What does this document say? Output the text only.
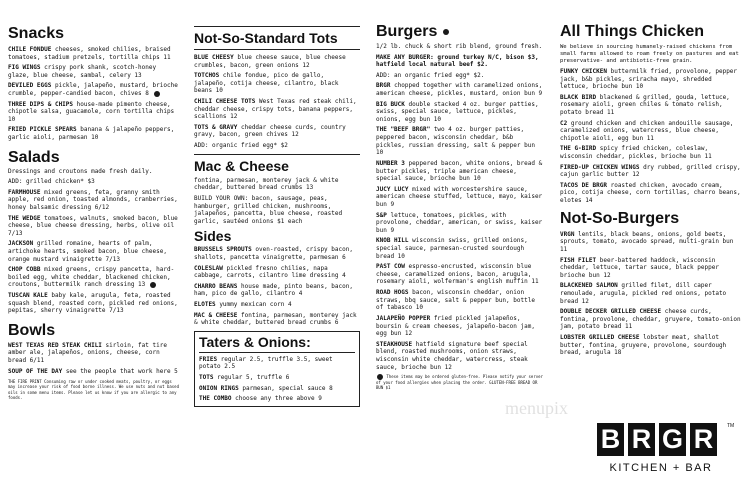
Snacks

CHILE FONDUE cheeses, smoked chilies, braised tomatoes, stadium pretzels, tortilla chips 11

FIG WINGS crispy pork shank, scotch-honey glaze, blue cheese, sambal, celery 13

DEVILED EGGS pickle, jalapeño, mustard, brioche crumble, pepper-candied bacon, chives 8

THREE DIPS & CHIPS house-made pimento cheese, chipotle salsa, guacamole, corn tortilla chips 10

FRIED PICKLE SPEARS banana & jalapeño peppers, garlic aioli, parmesan 10

Salads

Dressings and croutons made fresh daily.

ADD: grilled chicken* $3

FARMHOUSE mixed greens, feta, granny smith apple, red onion, toasted almonds, cranberries, honey balsamic dressing 6/12

THE WEDGE tomatoes, walnuts, smoked bacon, blue cheese, blue cheese dressing, herbs, olive oil 7/13

JACKSON grilled romaine, hearts of palm, artichoke hearts, smoked bacon, blue cheese, orange mustard vinaigrette 7/13

CHOP COBB mixed greens, crispy pancetta, hard-boiled egg, white cheddar, blackened chicken, croutons, buttermilk ranch dressing 13

TUSCAN KALE baby kale, arugula, feta, roasted squash blend, roasted corn, pickled red onions, pepitas, sherry vinaigrette 7/13

Bowls

WEST TEXAS RED STEAK CHILI sirloin, fat tire amber ale, jalapeños, onions, cheese, corn bread 6/11

SOUP OF THE DAY see the people that work here 5

THE FIRE PRINT Consuming raw or under cooked meats, poultry, or eggs may increase your risk of food borne illness. We use nuts and nut based oils in some menu items. Please let us know if you are allergic to any foods.

Not-So-Standard Tots

BLUE CHEESY blue cheese sauce, blue cheese crumbles, bacon, green onions 12

TOTCHOS chile fondue, pico de gallo, jalapeño, cotija cheese, cilantro, black beans 10

CHILI CHEESE TOTS West Texas red steak chili, cheddar cheese, crispy tots, banana peppers, scallions 12

TOTS & GRAVY cheddar cheese curds, country gravy, bacon, green chives 12

ADD: organic fried egg* $2

Mac & Cheese

fontina, parmesan, monterey jack & white cheddar, buttered bread crumbs 13

BUILD YOUR OWN: bacon, sausage, peas, hamburger, grilled chicken, mushrooms, jalapeños, pancetta, blue cheese, roasted garlic, sautéed onions $1 each

Sides

BRUSSELS SPROUTS oven-roasted, crispy bacon, shallots, pancetta vinaigrette, parmesan 6

COLESLAW pickled fresno chilies, napa cabbage, carrots, cilantro lime dressing 4

CHARRO BEANS house made, pinto beans, bacon, ham, pico de gallo, cilantro 4

ELOTES yummy mexican corn 4

MAC & CHEESE fontina, parmesan, monterey jack & white cheddar, buttered bread crumbs 6

Taters & Onions:

FRIES regular 2.5, truffle 3.5, sweet potato 2.5

TOTS regular 5, truffle 6

ONION RINGS parmesan, special sauce 8

THE COMBO choose any three above 9

Burgers

1/2 lb. chuck & short rib blend, ground fresh.

MAKE ANY BURGER: ground turkey N/C, bison $3, hatfield local natural beef $2.

ADD: an organic fried egg* $2.

BRGR chopped together with caramelized onions, american cheese, pickles, mustard, onion bun 9

BIG BUCK double stacked 4 oz. burger patties, swiss, special sauce, lettuce, pickles, onions, egg bun 10

THE "BEEF BRGR" two 4 oz. burger patties, peppered bacon, wisconsin cheddar, b&b pickles, russian dressing, salt & pepper bun 10

NUMBER 3 peppered bacon, white onions, bread & butter pickles, triple american cheese, special sauce, brioche bun 10

JUCY LUCY mixed with worcestershire sauce, american cheese stuffed, lettuce, mayo, kaiser bun 9

S&P lettuce, tomatoes, pickles, with provolone, cheddar, american, or swiss, kaiser bun 9

KNOB HILL wisconsin swiss, grilled onions, special sauce, parmesan-crusted sourdough bread 10

PAST COW espresso-encrusted, wisconsin blue cheese, caramelized onions, bacon, arugula, rosemary aioli, wolferman's english muffin 11

ROAD HOGS bacon, wisconsin cheddar, onion straws, bbq sauce, salt & pepper bun, bottle of tabasco 10

JALAPEÑO POPPER fried pickled jalapeños, boursin & cream cheeses, jalapeño-bacon jam, egg bun 12

STEAKHOUSE hatfield signature beef special blend, roasted mushrooms, onion straws, wisconsin white cheddar, watercress, steak sauce, brioche bun 12

These items may be ordered gluten-free. Please notify your server of your food allergies when placing the order. GLUTEN-FREE BREAD OR BUN $1

All Things Chicken

We believe in sourcing humanely-raised chickens from small farms allowed to roam freely on pastures and eat preservative- and antibiotic-free grain.

FUNKY CHICKEN buttermilk fried, provolone, pepper jack, b&b pickles, sriracha mayo, shredded lettuce, brioche bun 10

BLACK BIRD blackened & grilled, gouda, lettuce, rosemary aioli, green chiles & tomato relish, potato bread 11

C2 ground chicken and chicken andouille sausage, caramelized onions, watercress, blue cheese, chipotle aioli, egg bun 11

THE G-BIRD spicy fried chicken, coleslaw, wisconsin cheddar, pickles, brioche bun 11

FIRED-UP CHICKEN WINGS dry rubbed, grilled crispy, cajun garlic butter 12

TACOS DE BRGR roasted chicken, avocado cream, pico, cotija cheese, corn tortillas, charro beans, elotes 14

Not-So-Burgers

VRGN lentils, black beans, onions, gold beets, sprouts, tomato, avocado spread, multi-grain bun 11

FISH FILET beer-battered haddock, wisconsin cheddar, lettuce, tartar sauce, black pepper brioche bun 12

BLACKENED SALMON grilled filet, dill caper remoulade, arugula, pickled red onions, potato bread 12

DOUBLE DECKER GRILLED CHEESE cheese curds, fontina, provolone, cheddar, gruyere, tomato-onion jam, potato bread 11

LOBSTER GRILLED CHEESE lobster meat, shallot butter, fontina, gruyere, provolone, sourdough bread, arugula 18

menupix
B R G R	TM
KITCHEN + BAR
